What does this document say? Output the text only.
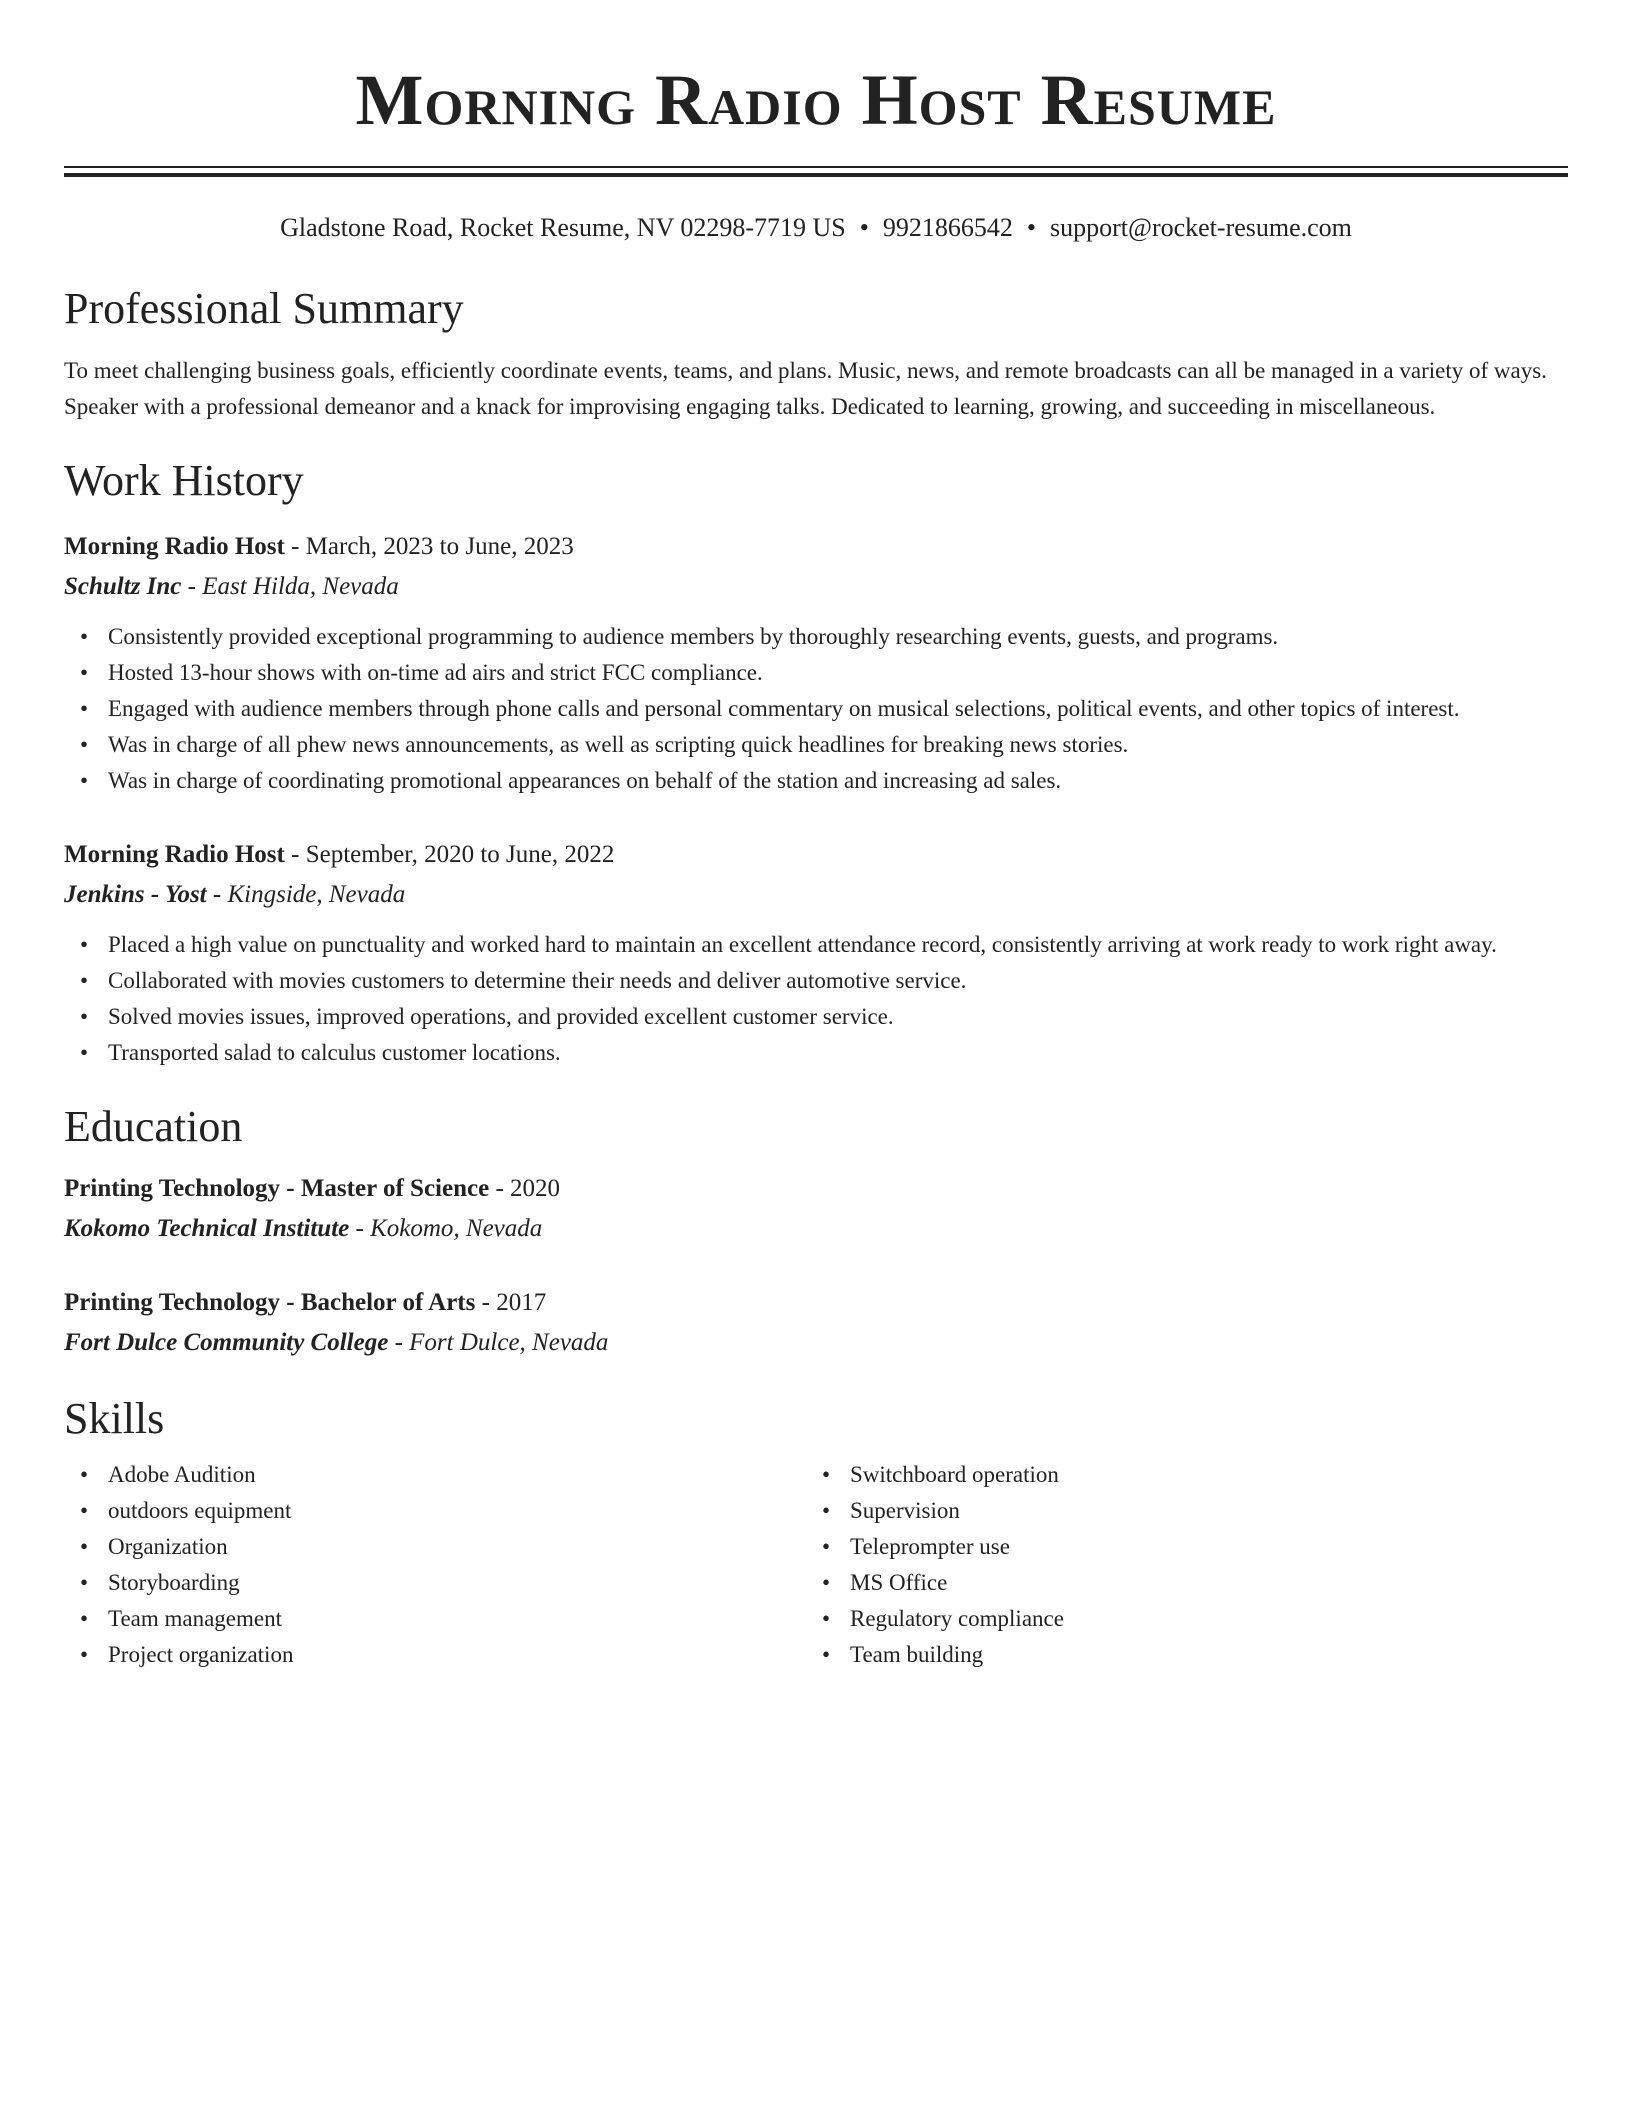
Morning Radio Host Resume
Gladstone Road, Rocket Resume, NV 02298-7719 US • 9921866542 • support@rocket-resume.com
Professional Summary

To meet challenging business goals, efficiently coordinate events, teams, and plans. Music, news, and remote broadcasts can all be managed in a variety of ways. Speaker with a professional demeanor and a knack for improvising engaging talks. Dedicated to learning, growing, and succeeding in miscellaneous.

Work History
Morning Radio Host - March, 2023 to June, 2023
Schultz Inc - East Hilda, Nevada
• Consistently provided exceptional programming to audience members by thoroughly researching events, guests, and programs.
• Hosted 13-hour shows with on-time ad airs and strict FCC compliance.
• Engaged with audience members through phone calls and personal commentary on musical selections, political events, and other topics of interest.
• Was in charge of all phew news announcements, as well as scripting quick headlines for breaking news stories.
• Was in charge of coordinating promotional appearances on behalf of the station and increasing ad sales.
Morning Radio Host - September, 2020 to June, 2022
Jenkins - Yost - Kingside, Nevada
• Placed a high value on punctuality and worked hard to maintain an excellent attendance record, consistently arriving at work ready to work right away.
• Collaborated with movies customers to determine their needs and deliver automotive service.
• Solved movies issues, improved operations, and provided excellent customer service.
• Transported salad to calculus customer locations.
Education
Printing Technology - Master of Science - 2020
Kokomo Technical Institute - Kokomo, Nevada
Printing Technology - Bachelor of Arts - 2017
Fort Dulce Community College - Fort Dulce, Nevada
Skills
• Adobe Audition
• outdoors equipment
• Organization
• Storyboarding
• Team management
• Project organization
• Switchboard operation
• Supervision
• Teleprompter use
• MS Office
• Regulatory compliance
• Team building
